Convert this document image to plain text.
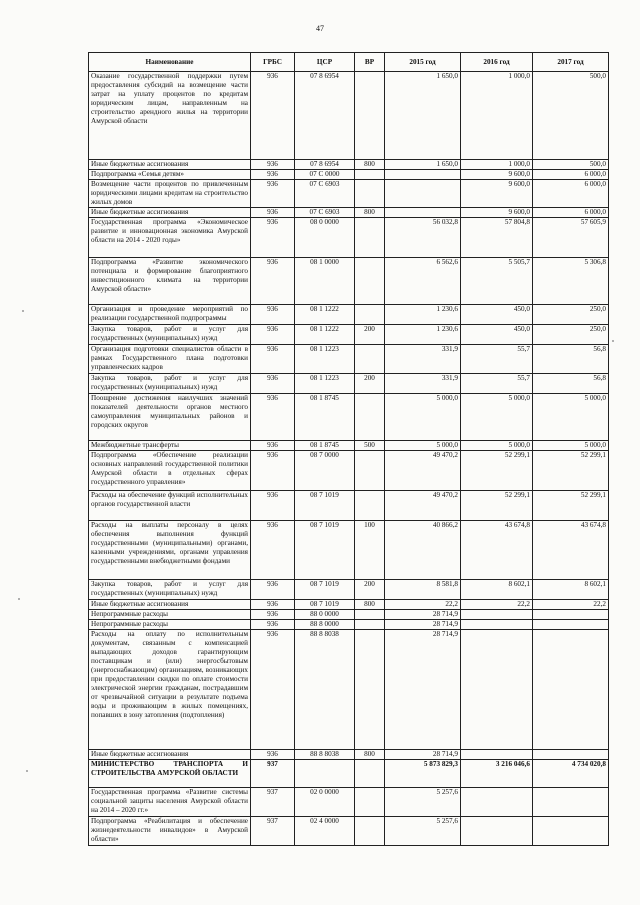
47
Наименование	ГРБС	ЦСР	ВР	2015 год	2016 год	2017 год
Оказание государственной поддержки путем предоставления субсидий на возмещение части затрат на уплату процентов по кредитам юридическим лицам, направленным на строительство арендного жилья на территории Амурской области	936	07 8 6954		1 650,0	1 000,0	500,0
Иные бюджетные ассигнования	936	07 8 6954	800	1 650,0	1 000,0	500,0
Подпрограмма «Семья детям»	936	07 С 0000			9 600,0	6 000,0
Возмещение части процентов по привлеченным юридическими лицами кредитам на строительство жилых домов	936	07 С 6903			9 600,0	6 000,0
Иные бюджетные ассигнования	936	07 С 6903	800		9 600,0	6 000,0
Государственная программа «Экономическое развитие и инновационная экономика Амурской области на 2014 - 2020 годы»	936	08 0 0000		56 032,8	57 804,8	57 605,9
Подпрограмма «Развитие экономического потенциала и формирование благоприятного инвестиционного климата на территории Амурской области»	936	08 1 0000		6 562,6	5 505,7	5 306,8
Организация и проведение мероприятий по реализации государственной подпрограммы	936	08 1 1222		1 230,6	450,0	250,0
Закупка товаров, работ и услуг для государственных (муниципальных) нужд	936	08 1 1222	200	1 230,6	450,0	250,0
Организация подготовки специалистов области в рамках Государственного плана подготовки управленческих кадров	936	08 1 1223		331,9	55,7	56,8
Закупка товаров, работ и услуг для государственных (муниципальных) нужд	936	08 1 1223	200	331,9	55,7	56,8
Поощрение достижения наилучших значений показателей деятельности органов местного самоуправления муниципальных районов и городских округов	936	08 1 8745		5 000,0	5 000,0	5 000,0
Межбюджетные трансферты	936	08 1 8745	500	5 000,0	5 000,0	5 000,0
Подпрограмма «Обеспечение реализации основных направлений государственной политики Амурской области в отдельных сферах государственного управления»	936	08 7 0000		49 470,2	52 299,1	52 299,1
Расходы на обеспечение функций исполнительных органов государственной власти	936	08 7 1019		49 470,2	52 299,1	52 299,1
Расходы на выплаты персоналу в целях обеспечения выполнения функций государственными (муниципальными) органами, казенными учреждениями, органами управления государственными внебюджетными фондами	936	08 7 1019	100	40 866,2	43 674,8	43 674,8
Закупка товаров, работ и услуг для государственных (муниципальных) нужд	936	08 7 1019	200	8 581,8	8 602,1	8 602,1
Иные бюджетные ассигнования	936	08 7 1019	800	22,2	22,2	22,2
Непрограммные расходы	936	88 0 0000		28 714,9		
Непрограммные расходы	936	88 8 0000		28 714,9		
Расходы на оплату по исполнительным документам, связанным с компенсацией выпадающих доходов гарантирующим поставщикам и (или) энергосбытовым (энергоснабжающим) организациям, возникающих при предоставлении скидки по оплате стоимости электрической энергии гражданам, пострадавшим от чрезвычайной ситуации в результате подъема воды и проживающим в жилых помещениях, попавших в зону затопления (подтопления)	936	88 8 8038		28 714,9		
Иные бюджетные ассигнования	936	88 8 8038	800	28 714,9		
МИНИСТЕРСТВО ТРАНСПОРТА И СТРОИТЕЛЬСТВА АМУРСКОЙ ОБЛАСТИ	937			5 873 829,3	3 216 046,6	4 734 020,8
Государственная программа «Развитие системы социальной защиты населения Амурской области на 2014 – 2020 гг.»	937	02 0 0000		5 257,6		
Подпрограмма «Реабилитация и обеспечение жизнедеятельности инвалидов» в Амурской области»	937	02 4 0000		5 257,6		
